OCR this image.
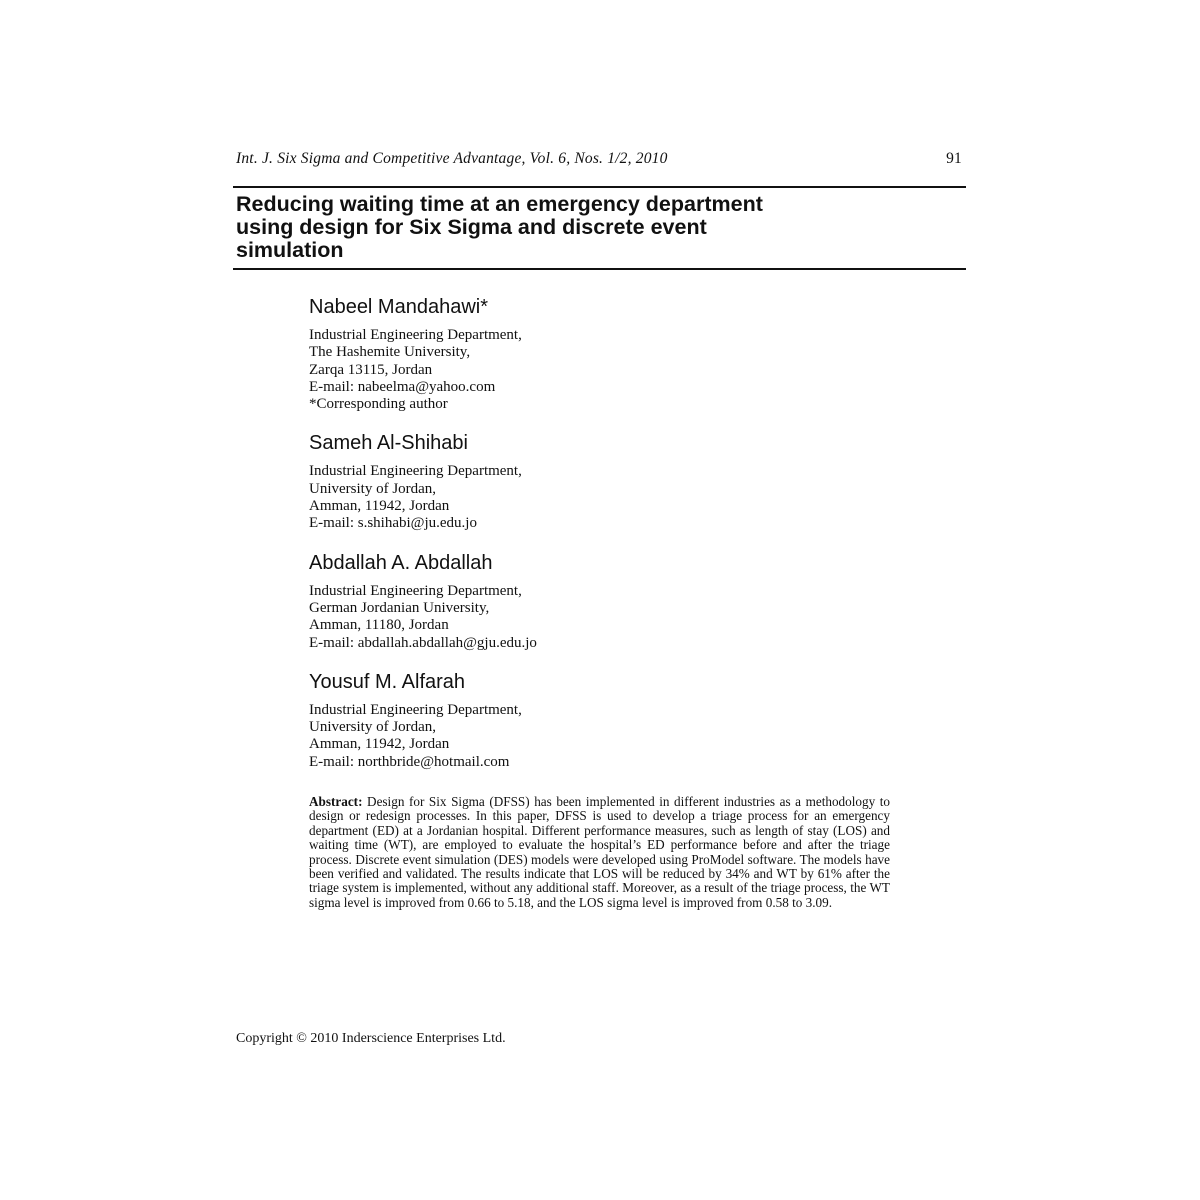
Int. J. Six Sigma and Competitive Advantage, Vol. 6, Nos. 1/2, 2010	91
Reducing waiting time at an emergency department
using design for Six Sigma and discrete event
simulation
Nabeel Mandahawi*
Industrial Engineering Department,
The Hashemite University,
Zarqa 13115, Jordan
E-mail: nabeelma@yahoo.com
*Corresponding author
Sameh Al-Shihabi
Industrial Engineering Department,
University of Jordan,
Amman, 11942, Jordan
E-mail: s.shihabi@ju.edu.jo
Abdallah A. Abdallah
Industrial Engineering Department,
German Jordanian University,
Amman, 11180, Jordan
E-mail: abdallah.abdallah@gju.edu.jo
Yousuf M. Alfarah
Industrial Engineering Department,
University of Jordan,
Amman, 11942, Jordan
E-mail: northbride@hotmail.com

Abstract: Design for Six Sigma (DFSS) has been implemented in different industries as a methodology to design or redesign processes. In this paper, DFSS is used to develop a triage process for an emergency department (ED) at a Jordanian hospital. Different performance measures, such as length of stay (LOS) and waiting time (WT), are employed to evaluate the hospital’s ED performance before and after the triage process. Discrete event simulation (DES) models were developed using ProModel software. The models have been verified and validated. The results indicate that LOS will be reduced by 34% and WT by 61% after the triage system is implemented, without any additional staff. Moreover, as a result of the triage process, the WT sigma level is improved from 0.66 to 5.18, and the LOS sigma level is improved from 0.58 to 3.09.

Copyright © 2010 Inderscience Enterprises Ltd.
